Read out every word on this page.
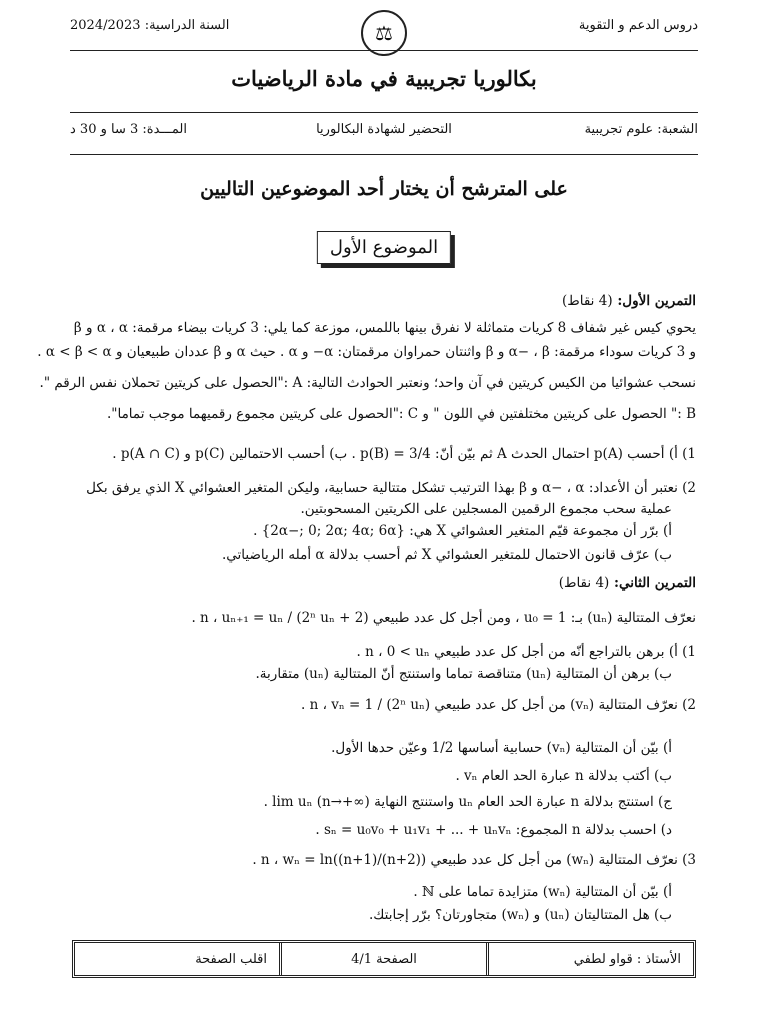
دروس الدعم و التقوية
⚖
السنة الدراسية: 2024/2023
بكالوريا تجريبية في مادة الرياضيات
الشعبة: علوم تجريبية
التحضير لشهادة البكالوريا
المـــدة: 3 سا و 30 د
على المترشح أن يختار أحد الموضوعين التاليين
الموضوع الأول
التمرين الأول: (4 نقاط)
يحوي كيس غير شفاف 8 كريات متماثلة لا نفرق بينها باللمس، موزعة كما يلي: 3 كريات بيضاء مرقمة: α ، α و β
و 3 كريات سوداء مرقمة: α− ، β و β واثنتان حمراوان مرقمتان: α− و α . حيث α و β عددان طبيعيان و α < β < α .
نسحب عشوائيا من الكيس كريتين في آن واحد؛ ونعتبر الحوادث التالية: A :"الحصول على كريتين تحملان نفس الرقم ".
B :" الحصول على كريتين مختلفتين في اللون " و C :"الحصول على كريتين مجموع رقميهما موجب تماما".
1) أ) أحسب p(A) احتمال الحدث A ثم بيّن أنّ: p(B) = 3/4 . ب) أحسب الاحتمالين p(C) و p(A ∩ C) .
2) نعتبر أن الأعداد: α− ، α و β بهذا الترتيب تشكل متتالية حسابية، وليكن المتغير العشوائي X الذي يرفق بكل
عملية سحب مجموع الرقمين المسجلين على الكريتين المسحوبتين.
أ) برّر أن مجموعة قيّم المتغير العشوائي X هي: {2α−; 0; 2α; 4α; 6α} .
ب) عرّف قانون الاحتمال للمتغير العشوائي X ثم أحسب بدلالة α أمله الرياضياتي.
التمرين الثاني: (4 نقاط)
نعرّف المتتالية (uₙ) بـ: u₀ = 1 ، ومن أجل كل عدد طبيعي n ، uₙ₊₁ = uₙ / (2ⁿ uₙ + 2) .
1) أ) برهن بالتراجع أنّه من أجل كل عدد طبيعي n ، 0 < uₙ .
ب) برهن أن المتتالية (uₙ) متناقصة تماما واستنتج أنّ المتتالية (uₙ) متقاربة.
2) نعرّف المتتالية (vₙ) من أجل كل عدد طبيعي n ، vₙ = 1 / (2ⁿ uₙ) .
أ) بيّن أن المتتالية (vₙ) حسابية أساسها 1/2 وعيّن حدها الأول.
ب) أكتب بدلالة n عبارة الحد العام vₙ .
ج) استنتج بدلالة n عبارة الحد العام uₙ واستنتج النهاية lim uₙ (n→+∞) .
د) احسب بدلالة n المجموع: sₙ = u₀v₀ + u₁v₁ + ... + uₙvₙ .
3) نعرّف المتتالية (wₙ) من أجل كل عدد طبيعي n ، wₙ = ln((n+1)/(n+2)) .
أ) بيّن أن المتتالية (wₙ) متزايدة تماما على ℕ .
ب) هل المتتاليتان (uₙ) و (wₙ) متجاورتان؟ برّر إجابتك.
الأستاذ : قواو لطفي
الصفحة 4/1
اقلب الصفحة
